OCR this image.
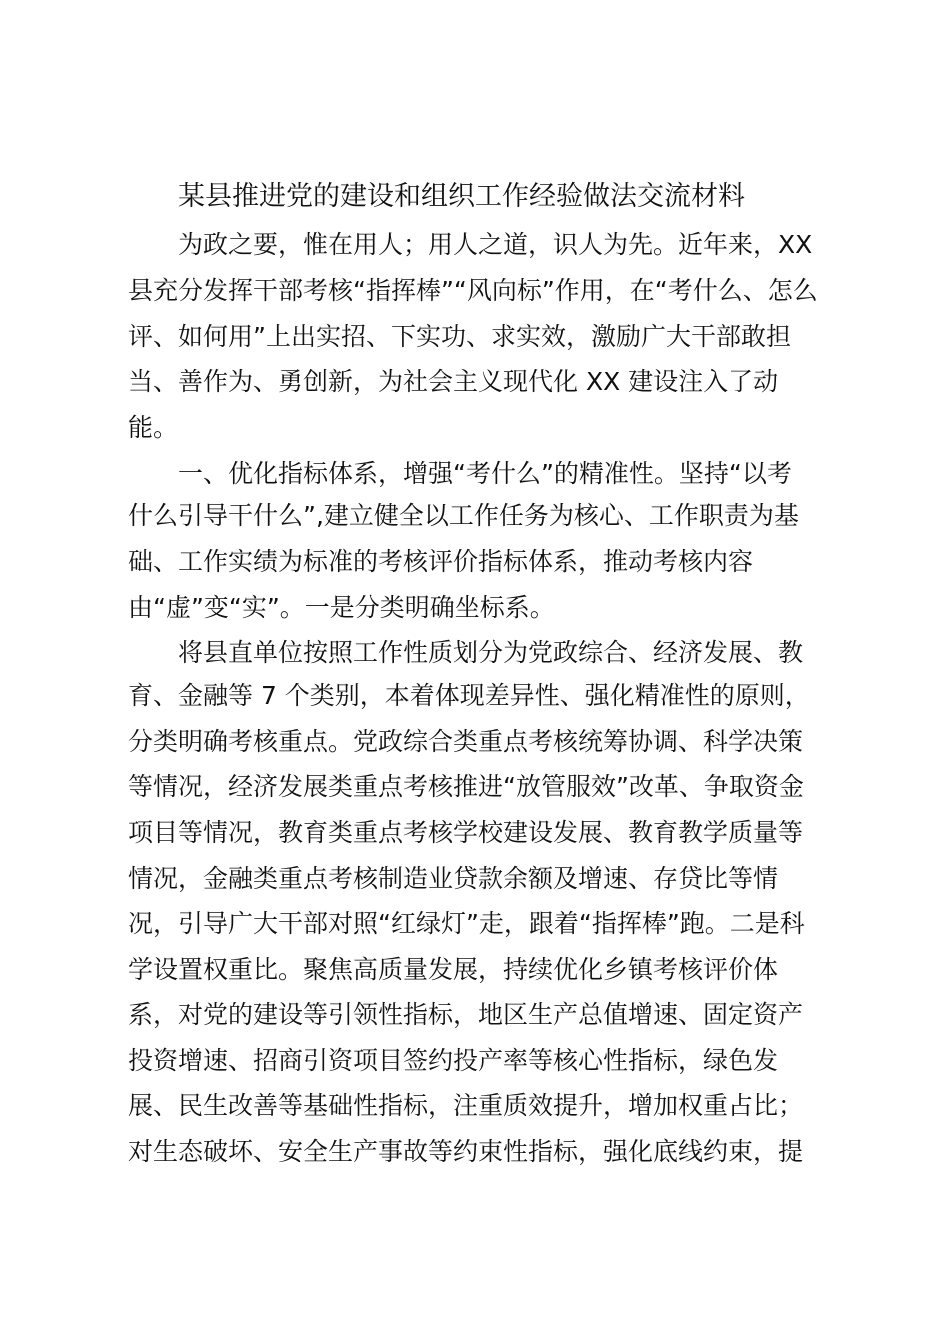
某县推进党的建设和组织工作经验做法交流材料
为政之要，惟在用人；用人之道，识人为先。近年来，XX
县充分发挥干部考核“指挥棒”“风向标”作用，在“考什么、怎么
评、如何用”上出实招、下实功、求实效，激励广大干部敢担
当、善作为、勇创新，为社会主义现代化 XX 建设注入了动
能。
一、优化指标体系，增强“考什么”的精准性。坚持“以考
什么引导干什么”,建立健全以工作任务为核心、工作职责为基
础、工作实绩为标准的考核评价指标体系，推动考核内容
由“虚”变“实”。一是分类明确坐标系。
将县直单位按照工作性质划分为党政综合、经济发展、教
育、金融等 7 个类别，本着体现差异性、强化精准性的原则，
分类明确考核重点。党政综合类重点考核统筹协调、科学决策
等情况，经济发展类重点考核推进“放管服效”改革、争取资金
项目等情况，教育类重点考核学校建设发展、教育教学质量等
情况，金融类重点考核制造业贷款余额及增速、存贷比等情
况，引导广大干部对照“红绿灯”走，跟着“指挥棒”跑。二是科
学设置权重比。聚焦高质量发展，持续优化乡镇考核评价体
系，对党的建设等引领性指标，地区生产总值增速、固定资产
投资增速、招商引资项目签约投产率等核心性指标，绿色发
展、民生改善等基础性指标，注重质效提升，增加权重占比；
对生态破坏、安全生产事故等约束性指标，强化底线约束，提
